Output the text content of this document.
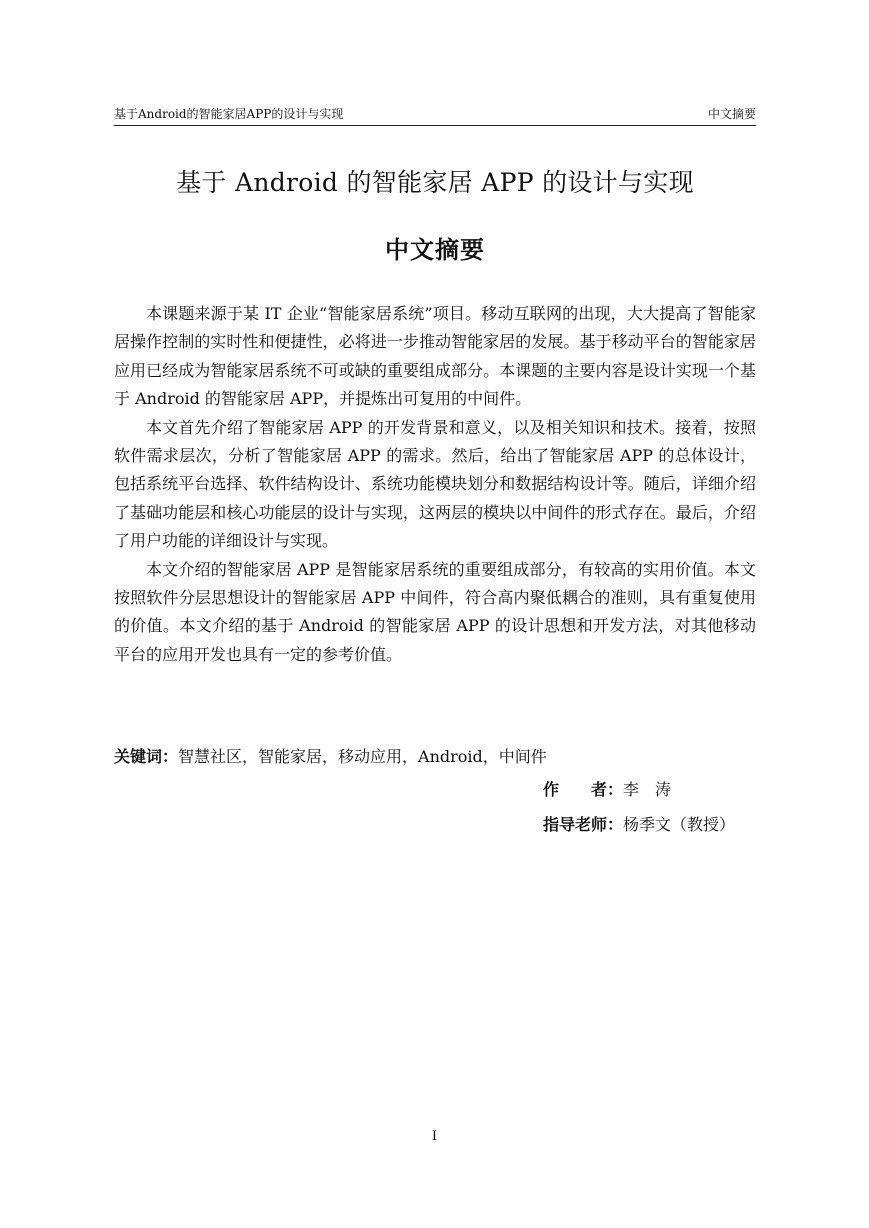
基于Android的智能家居APP的设计与实现	中文摘要
基于 Android 的智能家居 APP 的设计与实现
中文摘要

本课题来源于某 IT 企业“智能家居系统”项目。移动互联网的出现，大大提高了智能家居操作控制的实时性和便捷性，必将进一步推动智能家居的发展。基于移动平台的智能家居应用已经成为智能家居系统不可或缺的重要组成部分。本课题的主要内容是设计实现一个基于 Android 的智能家居 APP，并提炼出可复用的中间件。

本文首先介绍了智能家居 APP 的开发背景和意义，以及相关知识和技术。接着，按照软件需求层次，分析了智能家居 APP 的需求。然后，给出了智能家居 APP 的总体设计，包括系统平台选择、软件结构设计、系统功能模块划分和数据结构设计等。随后，详细介绍了基础功能层和核心功能层的设计与实现，这两层的模块以中间件的形式存在。最后，介绍了用户功能的详细设计与实现。

本文介绍的智能家居 APP 是智能家居系统的重要组成部分，有较高的实用价值。本文按照软件分层思想设计的智能家居 APP 中间件，符合高内聚低耦合的准则，具有重复使用的价值。本文介绍的基于 Android 的智能家居 APP 的设计思想和开发方法，对其他移动平台的应用开发也具有一定的参考价值。

关键词：智慧社区，智能家居，移动应用，Android，中间件
作　　者：李　涛
指导老师：杨季文（教授）
I
